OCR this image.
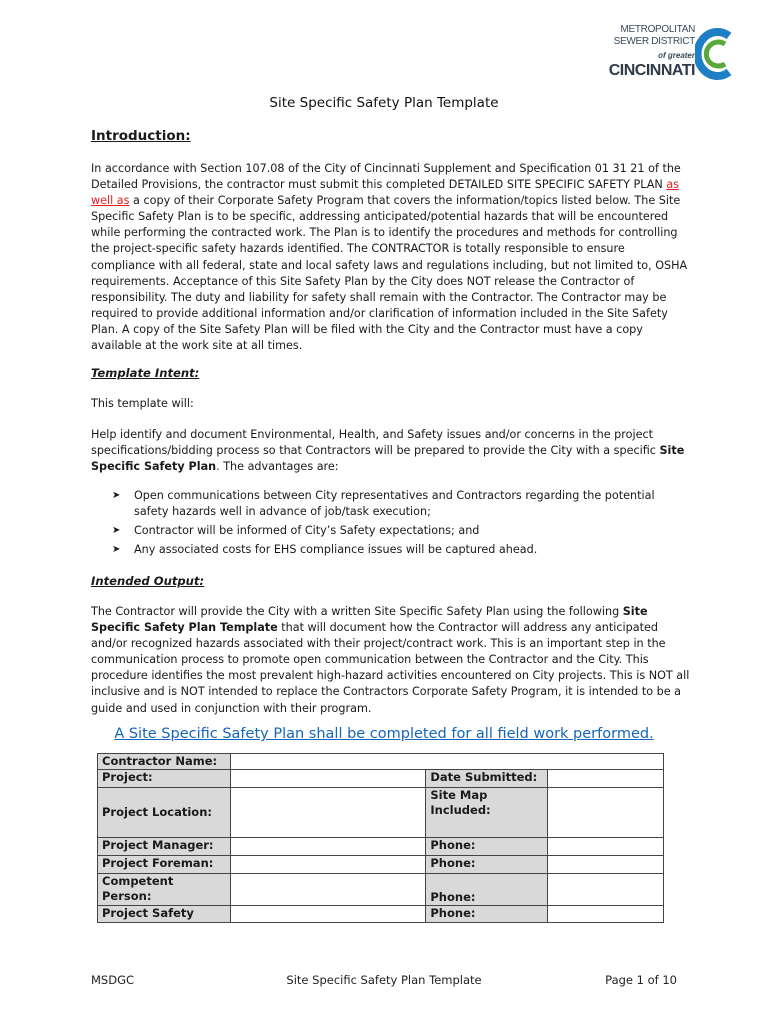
METROPOLITAN
SEWER DISTRICT
of greater
CINCINNATI
Site Specific Safety Plan Template
Introduction:
In accordance with Section 107.08 of the City of Cincinnati Supplement and Specification 01 31 21 of the Detailed Provisions, the contractor must submit this completed DETAILED SITE SPECIFIC SAFETY PLAN as well as a copy of their Corporate Safety Program that covers the information/topics listed below. The Site Specific Safety Plan is to be specific, addressing anticipated/potential hazards that will be encountered while performing the contracted work. The Plan is to identify the procedures and methods for controlling the project-specific safety hazards identified. The CONTRACTOR is totally responsible to ensure compliance with all federal, state and local safety laws and regulations including, but not limited to, OSHA requirements. Acceptance of this Site Safety Plan by the City does NOT release the Contractor of responsibility. The duty and liability for safety shall remain with the Contractor. The Contractor may be required to provide additional information and/or clarification of information included in the Site Safety Plan. A copy of the Site Safety Plan will be filed with the City and the Contractor must have a copy available at the work site at all times.
Template Intent:
This template will:
Help identify and document Environmental, Health, and Safety issues and/or concerns in the project specifications/bidding process so that Contractors will be prepared to provide the City with a specific Site Specific Safety Plan. The advantages are:
➤ Open communications between City representatives and Contractors regarding the potential safety hazards well in advance of job/task execution;
➤ Contractor will be informed of City’s Safety expectations; and
➤ Any associated costs for EHS compliance issues will be captured ahead.
Intended Output:
The Contractor will provide the City with a written Site Specific Safety Plan using the following Site Specific Safety Plan Template that will document how the Contractor will address any anticipated and/or recognized hazards associated with their project/contract work. This is an important step in the communication process to promote open communication between the Contractor and the City. This procedure identifies the most prevalent high-hazard activities encountered on City projects. This is NOT all inclusive and is NOT intended to replace the Contractors Corporate Safety Program, it is intended to be a guide and used in conjunction with their program.
A Site Specific Safety Plan shall be completed for all field work performed.
Contractor Name:			
Project:		Date Submitted:	
Project Location:		Site Map Included:	
Project Manager:		Phone:	
Project Foreman:		Phone:	
Competent Person:		Phone:	
Project Safety		Phone:	
MSDGC	Site Specific Safety Plan Template	Page 1 of 10
